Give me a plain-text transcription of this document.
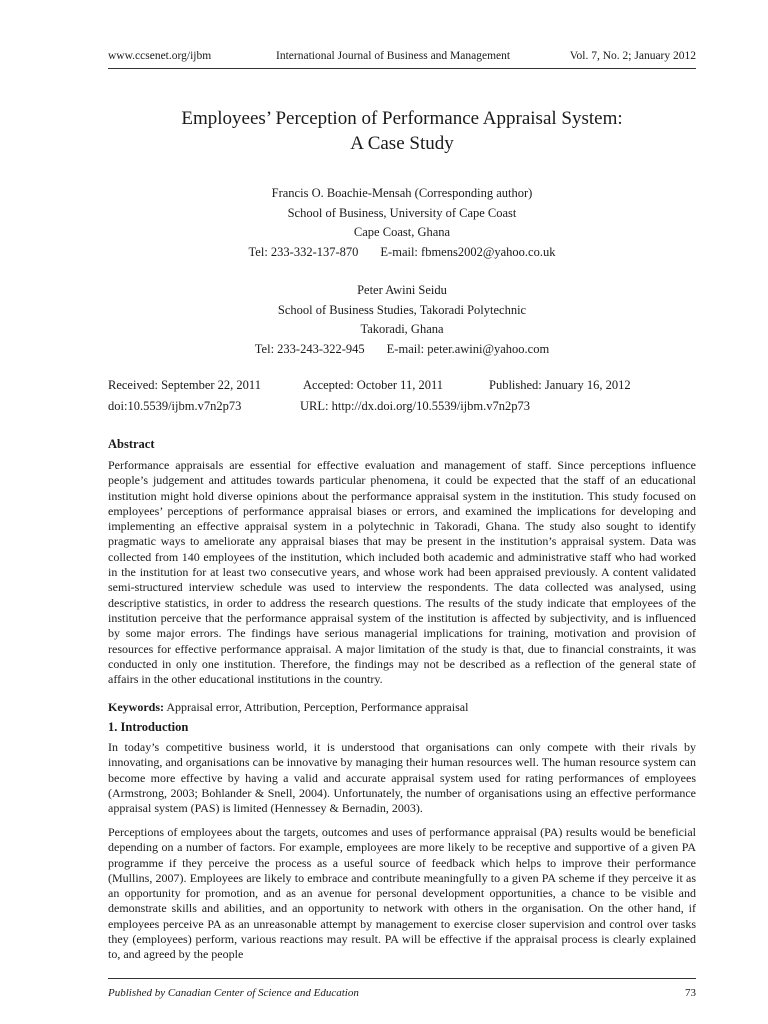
www.ccsenet.org/ijbm	International Journal of Business and Management	Vol. 7, No. 2; January 2012
Employees’ Perception of Performance Appraisal System:
A Case Study
Francis O. Boachie-Mensah (Corresponding author)
School of Business, University of Cape Coast
Cape Coast, Ghana
Tel: 233-332-137-870 E-mail: fbmens2002@yahoo.co.uk
Peter Awini Seidu
School of Business Studies, Takoradi Polytechnic
Takoradi, Ghana
Tel: 233-243-322-945 E-mail: peter.awini@yahoo.com
Received: September 22, 2011	Accepted: October 11, 2011	Published: January 16, 2012
doi:10.5539/ijbm.v7n2p73	URL: http://dx.doi.org/10.5539/ijbm.v7n2p73
Abstract
Performance appraisals are essential for effective evaluation and management of staff. Since perceptions influence people’s judgement and attitudes towards particular phenomena, it could be expected that the staff of an educational institution might hold diverse opinions about the performance appraisal system in the institution. This study focused on employees’ perceptions of performance appraisal biases or errors, and examined the implications for developing and implementing an effective appraisal system in a polytechnic in Takoradi, Ghana. The study also sought to identify pragmatic ways to ameliorate any appraisal biases that may be present in the institution’s appraisal system. Data was collected from 140 employees of the institution, which included both academic and administrative staff who had worked in the institution for at least two consecutive years, and whose work had been appraised previously. A content validated semi-structured interview schedule was used to interview the respondents. The data collected was analysed, using descriptive statistics, in order to address the research questions. The results of the study indicate that employees of the institution perceive that the performance appraisal system of the institution is affected by subjectivity, and is influenced by some major errors. The findings have serious managerial implications for training, motivation and provision of resources for effective performance appraisal. A major limitation of the study is that, due to financial constraints, it was conducted in only one institution. Therefore, the findings may not be described as a reflection of the general state of affairs in the other educational institutions in the country.
Keywords: Appraisal error, Attribution, Perception, Performance appraisal
1. Introduction
In today’s competitive business world, it is understood that organisations can only compete with their rivals by innovating, and organisations can be innovative by managing their human resources well. The human resource system can become more effective by having a valid and accurate appraisal system used for rating performances of employees (Armstrong, 2003; Bohlander & Snell, 2004). Unfortunately, the number of organisations using an effective performance appraisal system (PAS) is limited (Hennessey & Bernadin, 2003).
Perceptions of employees about the targets, outcomes and uses of performance appraisal (PA) results would be beneficial depending on a number of factors. For example, employees are more likely to be receptive and supportive of a given PA programme if they perceive the process as a useful source of feedback which helps to improve their performance (Mullins, 2007). Employees are likely to embrace and contribute meaningfully to a given PA scheme if they perceive it as an opportunity for promotion, and as an avenue for personal development opportunities, a chance to be visible and demonstrate skills and abilities, and an opportunity to network with others in the organisation. On the other hand, if employees perceive PA as an unreasonable attempt by management to exercise closer supervision and control over tasks they (employees) perform, various reactions may result. PA will be effective if the appraisal process is clearly explained to, and agreed by the people
Published by Canadian Center of Science and Education	73
